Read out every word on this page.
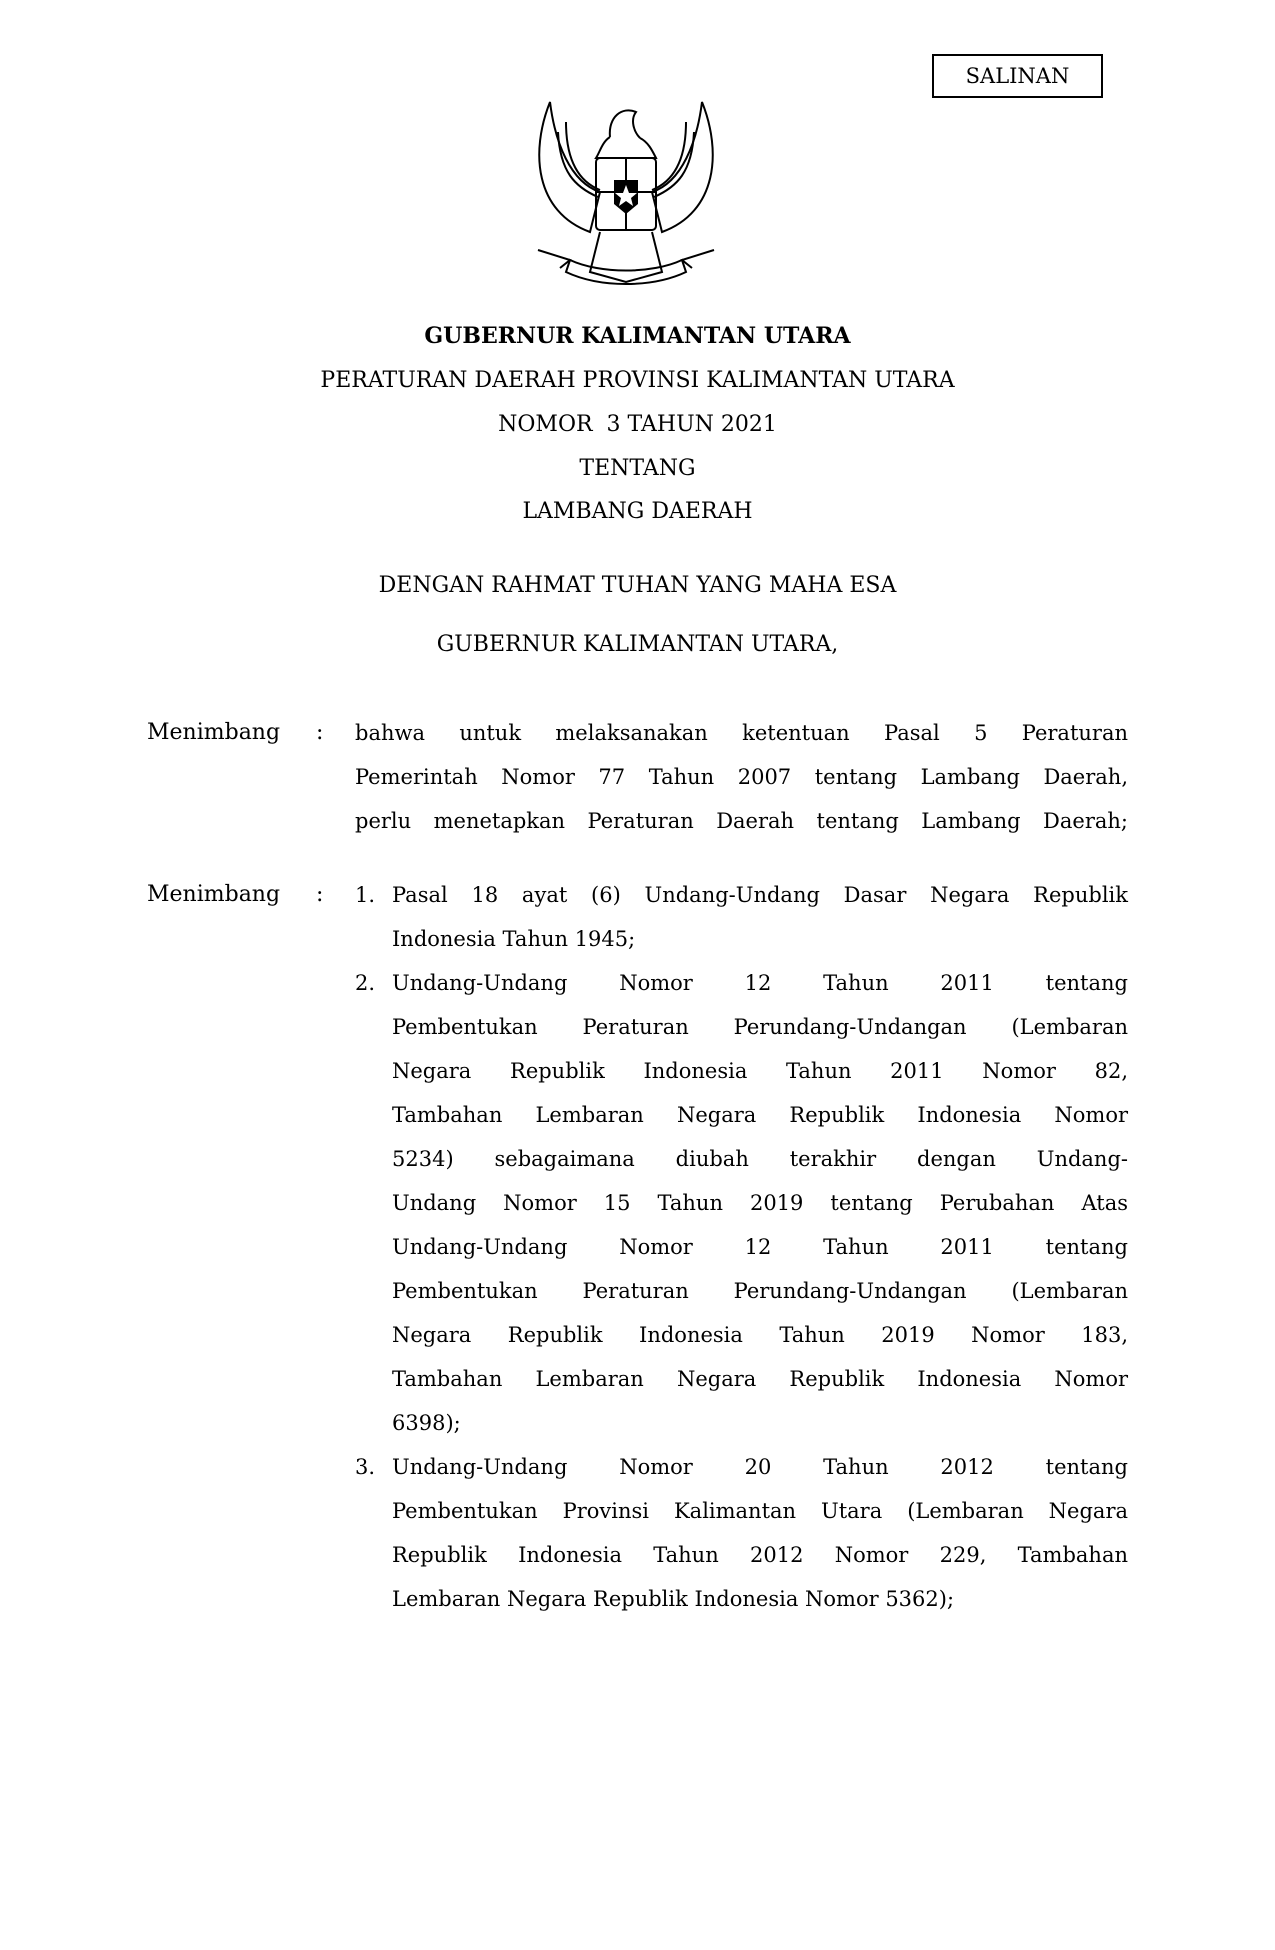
SALINAN
GUBERNUR KALIMANTAN UTARA
PERATURAN DAERAH PROVINSI KALIMANTAN UTARA
NOMOR  3 TAHUN 2021
TENTANG
LAMBANG DAERAH
DENGAN RAHMAT TUHAN YANG MAHA ESA
GUBERNUR KALIMANTAN UTARA,
Menimbang : bahwa untuk melaksanakan ketentuan Pasal 5 Peraturan
Pemerintah Nomor 77 Tahun 2007 tentang Lambang Daerah,
perlu menetapkan Peraturan Daerah tentang Lambang Daerah;
Menimbang : 1. Pasal 18 ayat (6) Undang-Undang Dasar Negara Republik
Indonesia Tahun 1945;
2. Undang-Undang Nomor 12 Tahun 2011 tentang
Pembentukan Peraturan Perundang-Undangan (Lembaran
Negara Republik Indonesia Tahun 2011 Nomor 82,
Tambahan Lembaran Negara Republik Indonesia Nomor
5234) sebagaimana diubah terakhir dengan Undang-
Undang Nomor 15 Tahun 2019 tentang Perubahan Atas
Undang-Undang Nomor 12 Tahun 2011 tentang
Pembentukan Peraturan Perundang-Undangan (Lembaran
Negara Republik Indonesia Tahun 2019 Nomor 183,
Tambahan Lembaran Negara Republik Indonesia Nomor
6398);
3. Undang-Undang Nomor 20 Tahun 2012 tentang
Pembentukan Provinsi Kalimantan Utara (Lembaran Negara
Republik Indonesia Tahun 2012 Nomor 229, Tambahan
Lembaran Negara Republik Indonesia Nomor 5362);
